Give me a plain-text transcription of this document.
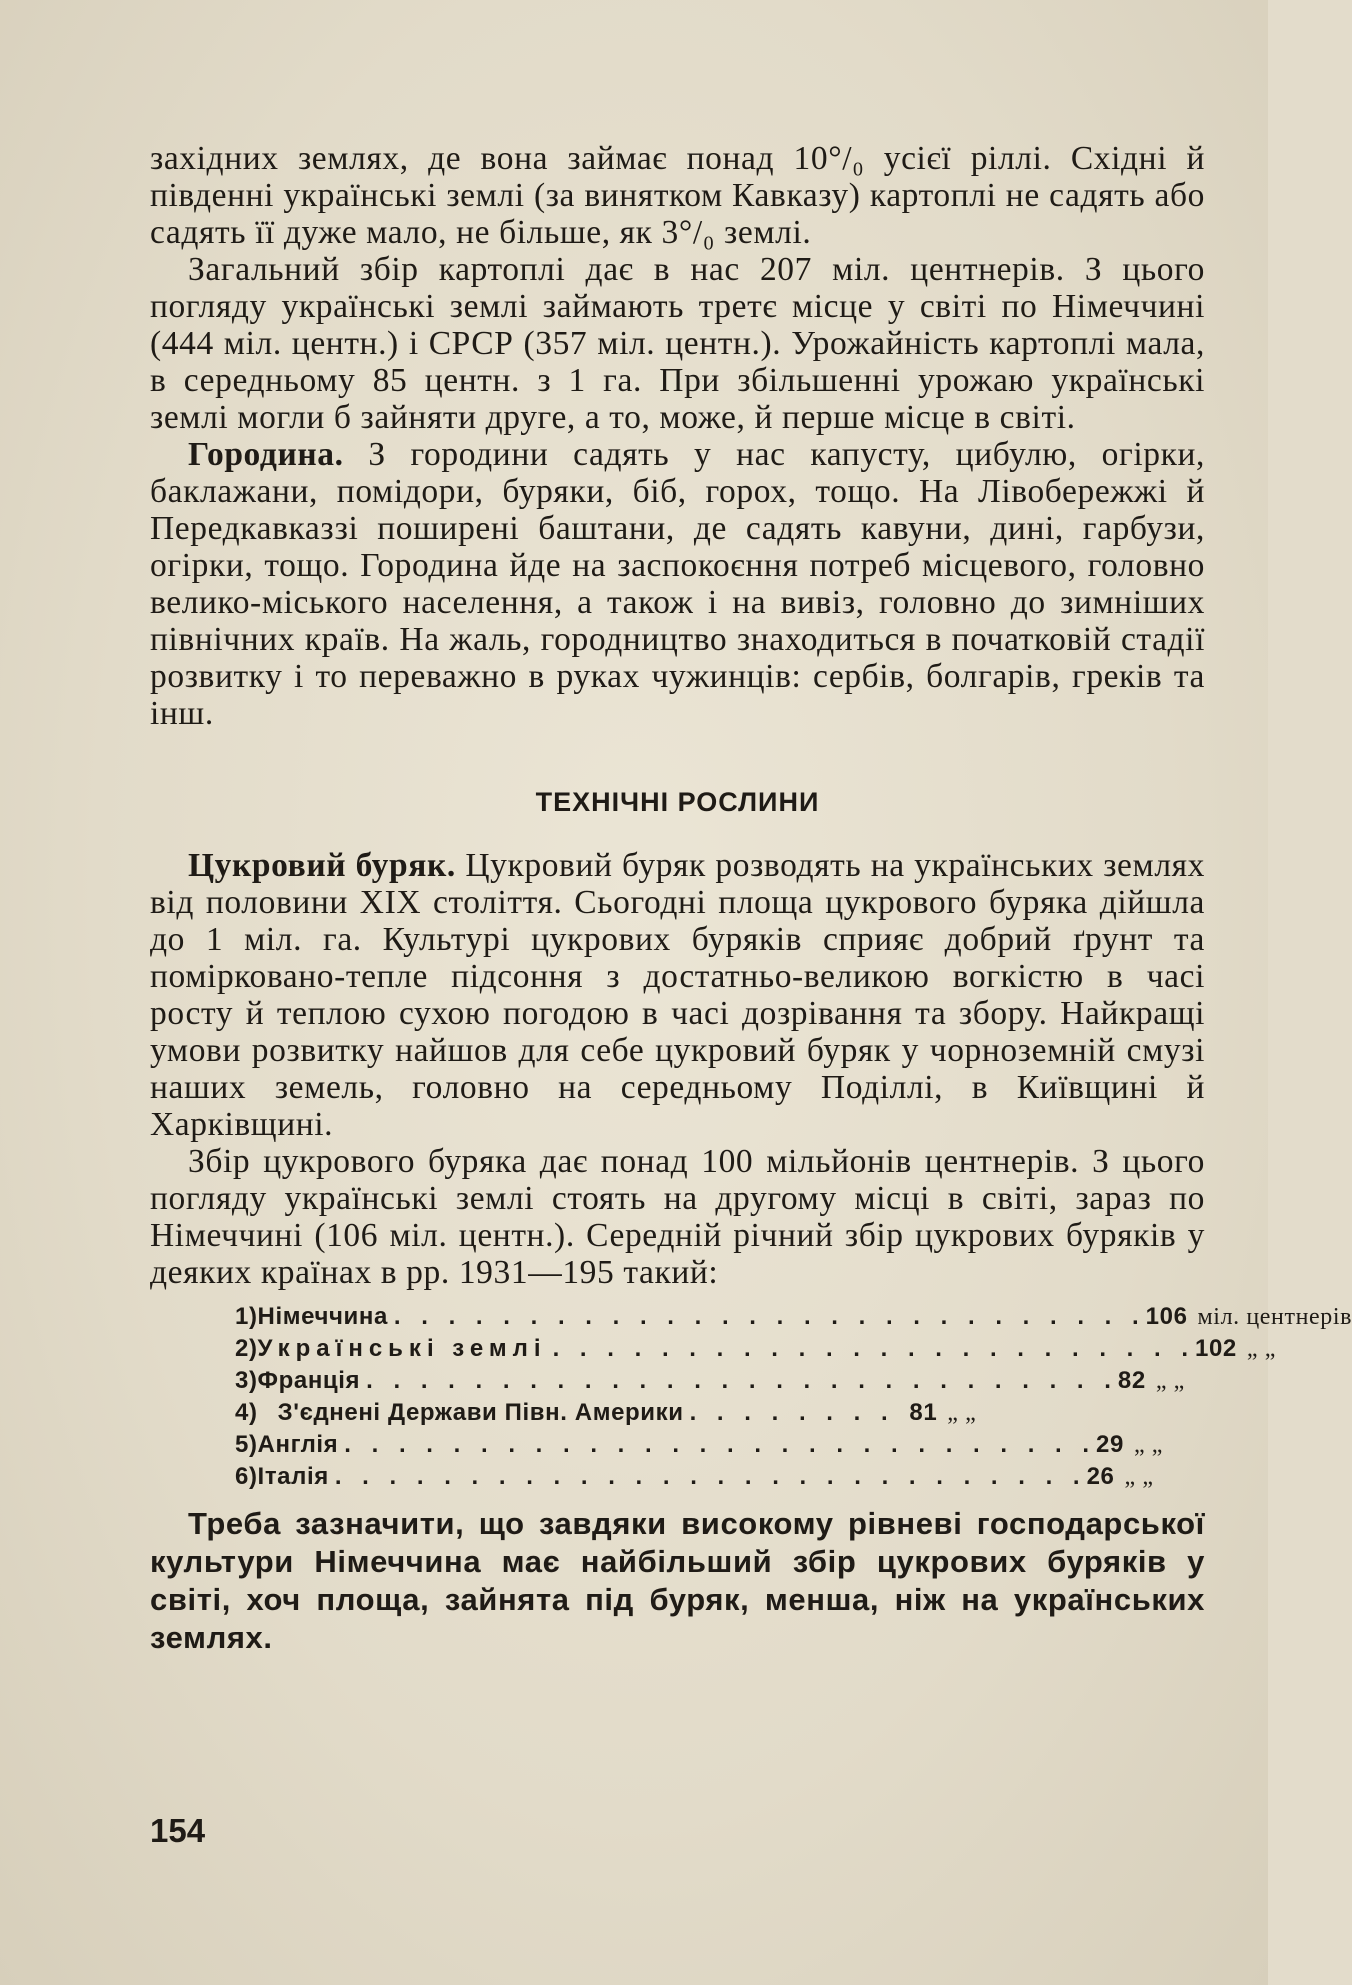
західних землях, де вона займає понад 10°/₀ усієї ріллі. Східні й південні українські землі (за винятком Кавказу) картоплі не садять або садять її дуже мало, не більше, як 3°/₀ землі.

Загальний збір картоплі дає в нас 207 міл. центнерів. З цього погляду українські землі займають третє місце у світі по Німеччині (444 міл. центн.) і СРСР (357 міл. центн.). Урожайність картоплі мала, в середньому 85 центн. з 1 га. При збільшенні урожаю українські землі могли б зайняти друге, а то, може, й перше місце в світі.

Городина. З городини садять у нас капусту, цибулю, огірки, баклажани, помідори, буряки, біб, горох, тощо. На Лівобережжі й Передкавказзі поширені баштани, де садять кавуни, дині, гарбузи, огірки, тощо. Городина йде на заспокоєння потреб місцевого, головно велико-міського населення, а також і на вивіз, головно до зимніших північних країв. На жаль, городництво знаходиться в початковій стадії розвитку і то переважно в руках чужинців: сербів, болгарів, греків та інш.

ТЕХНІЧНІ РОСЛИНИ

Цукровий буряк. Цукровий буряк розводять на українських землях від половини XIX століття. Сьогодні площа цукрового буряка дійшла до 1 міл. га. Культурі цукрових буряків сприяє добрий ґрунт та помірковано-тепле підсоння з достатньо-великою вогкістю в часі росту й теплою сухою погодою в часі дозрівання та збору. Найкращі умови розвитку найшов для себе цукровий буряк у чорноземній смузі наших земель, головно на середньому Поділлі, в Київщині й Харківщині.

Збір цукрового буряка дає понад 100 мільйонів центнерів. З цього погляду українські землі стоять на другому місці в світі, зараз по Німеччині (106 міл. центн.). Середній річний збір цукрових буряків у деяких країнах в рр. 1931—195 такий:

1) Німеччина . . . . . . . . . . . . . . . . . . . . . . . . . . . . 106 міл. центнерів
2) Українські землі . . . . . . . . . . . . . . . . . . . . . . . . 102 „ „
3) Франція . . . . . . . . . . . . . . . . . . . . . . . . . . . . 82 „ „
4) З'єднені Держави Півн. Америки . . . . . . . . 81 „ „
5) Англія . . . . . . . . . . . . . . . . . . . . . . . . . . . . 29 „ „
6) Італія . . . . . . . . . . . . . . . . . . . . . . . . . . . . 26 „ „

Треба зазначити, що завдяки високому рівневі господарської культури Німеччина має найбільший збір цукрових буряків у світі, хоч площа, зайнята під буряк, менша, ніж на українських землях.

154
